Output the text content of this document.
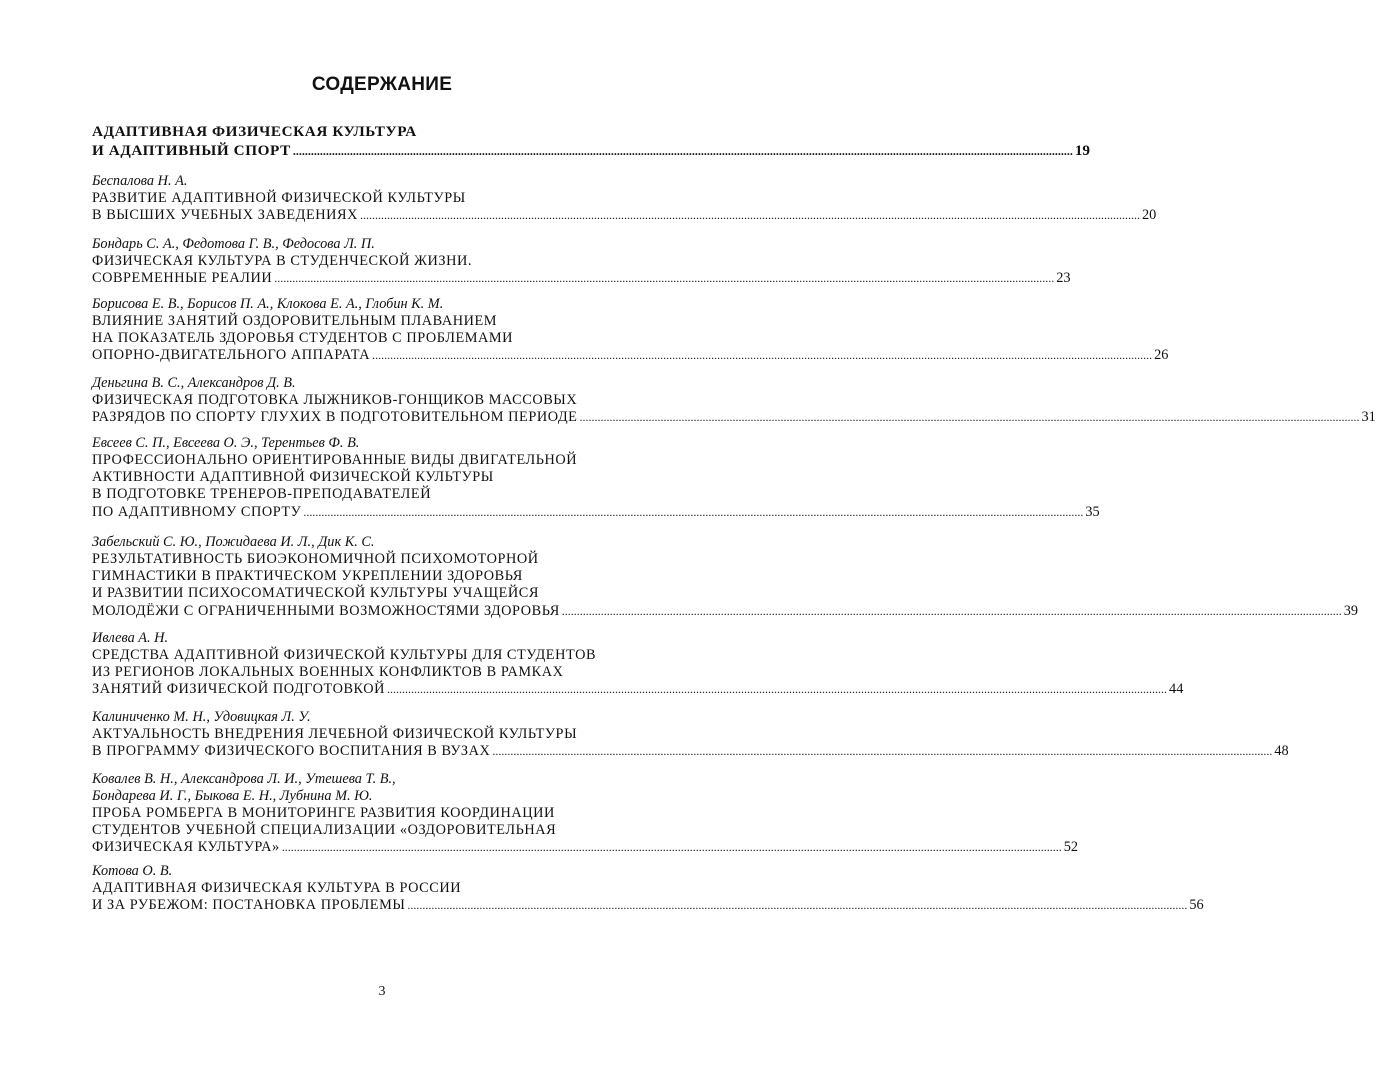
СОДЕРЖАНИЕ
АДАПТИВНАЯ ФИЗИЧЕСКАЯ КУЛЬТУРА
И АДАПТИВНЫЙ СПОРТ .................................................................................................................................................................................................................................................................... 19
Беспалова Н. А.
РАЗВИТИЕ АДАПТИВНОЙ ФИЗИЧЕСКОЙ КУЛЬТУРЫ
В ВЫСШИХ УЧЕБНЫХ ЗАВЕДЕНИЯХ .................................................................................................................................................................................................................................................................... 20
Бондарь С. А., Федотова Г. В., Федосова Л. П.
ФИЗИЧЕСКАЯ КУЛЬТУРА В СТУДЕНЧЕСКОЙ ЖИЗНИ.
СОВРЕМЕННЫЕ РЕАЛИИ .................................................................................................................................................................................................................................................................... 23
Борисова Е. В., Борисов П. А., Клокова Е. А., Глобин К. М.
ВЛИЯНИЕ ЗАНЯТИЙ ОЗДОРОВИТЕЛЬНЫМ ПЛАВАНИЕМ
НА ПОКАЗАТЕЛЬ ЗДОРОВЬЯ СТУДЕНТОВ С ПРОБЛЕМАМИ
ОПОРНО-ДВИГАТЕЛЬНОГО АППАРАТА .................................................................................................................................................................................................................................................................... 26
Деньгина В. С., Александров Д. В.
ФИЗИЧЕСКАЯ ПОДГОТОВКА ЛЫЖНИКОВ-ГОНЩИКОВ МАССОВЫХ
РАЗРЯДОВ ПО СПОРТУ ГЛУХИХ В ПОДГОТОВИТЕЛЬНОМ ПЕРИОДЕ .................................................................................................................................................................................................................................................................... 31
Евсеев С. П., Евсеева О. Э., Терентьев Ф. В.
ПРОФЕССИОНАЛЬНО ОРИЕНТИРОВАННЫЕ ВИДЫ ДВИГАТЕЛЬНОЙ
АКТИВНОСТИ АДАПТИВНОЙ ФИЗИЧЕСКОЙ КУЛЬТУРЫ
В ПОДГОТОВКЕ ТРЕНЕРОВ-ПРЕПОДАВАТЕЛЕЙ
ПО АДАПТИВНОМУ СПОРТУ .................................................................................................................................................................................................................................................................... 35
Забельский С. Ю., Пожидаева И. Л., Дик К. С.
РЕЗУЛЬТАТИВНОСТЬ БИОЭКОНОМИЧНОЙ ПСИХОМОТОРНОЙ
ГИМНАСТИКИ В ПРАКТИЧЕСКОМ УКРЕПЛЕНИИ ЗДОРОВЬЯ
И РАЗВИТИИ ПСИХОСОМАТИЧЕСКОЙ КУЛЬТУРЫ УЧАЩЕЙСЯ
МОЛОДЁЖИ С ОГРАНИЧЕННЫМИ ВОЗМОЖНОСТЯМИ ЗДОРОВЬЯ .................................................................................................................................................................................................................................................................... 39
Ивлева А. Н.
СРЕДСТВА АДАПТИВНОЙ ФИЗИЧЕСКОЙ КУЛЬТУРЫ ДЛЯ СТУДЕНТОВ
ИЗ РЕГИОНОВ ЛОКАЛЬНЫХ ВОЕННЫХ КОНФЛИКТОВ В РАМКАХ
ЗАНЯТИЙ ФИЗИЧЕСКОЙ ПОДГОТОВКОЙ .................................................................................................................................................................................................................................................................... 44
Калиниченко М. Н., Удовицкая Л. У.
АКТУАЛЬНОСТЬ ВНЕДРЕНИЯ ЛЕЧЕБНОЙ ФИЗИЧЕСКОЙ КУЛЬТУРЫ
В ПРОГРАММУ ФИЗИЧЕСКОГО ВОСПИТАНИЯ В ВУЗАХ .................................................................................................................................................................................................................................................................... 48
Ковалев В. Н., Александрова Л. И., Утешева Т. В.,
Бондарева И. Г., Быкова Е. Н., Лубнина М. Ю.
ПРОБА РОМБЕРГА В МОНИТОРИНГЕ РАЗВИТИЯ КООРДИНАЦИИ
СТУДЕНТОВ УЧЕБНОЙ СПЕЦИАЛИЗАЦИИ «ОЗДОРОВИТЕЛЬНАЯ
ФИЗИЧЕСКАЯ КУЛЬТУРА» .................................................................................................................................................................................................................................................................... 52
Котова О. В.
АДАПТИВНАЯ ФИЗИЧЕСКАЯ КУЛЬТУРА В РОССИИ
И ЗА РУБЕЖОМ: ПОСТАНОВКА ПРОБЛЕМЫ .................................................................................................................................................................................................................................................................... 56
3
